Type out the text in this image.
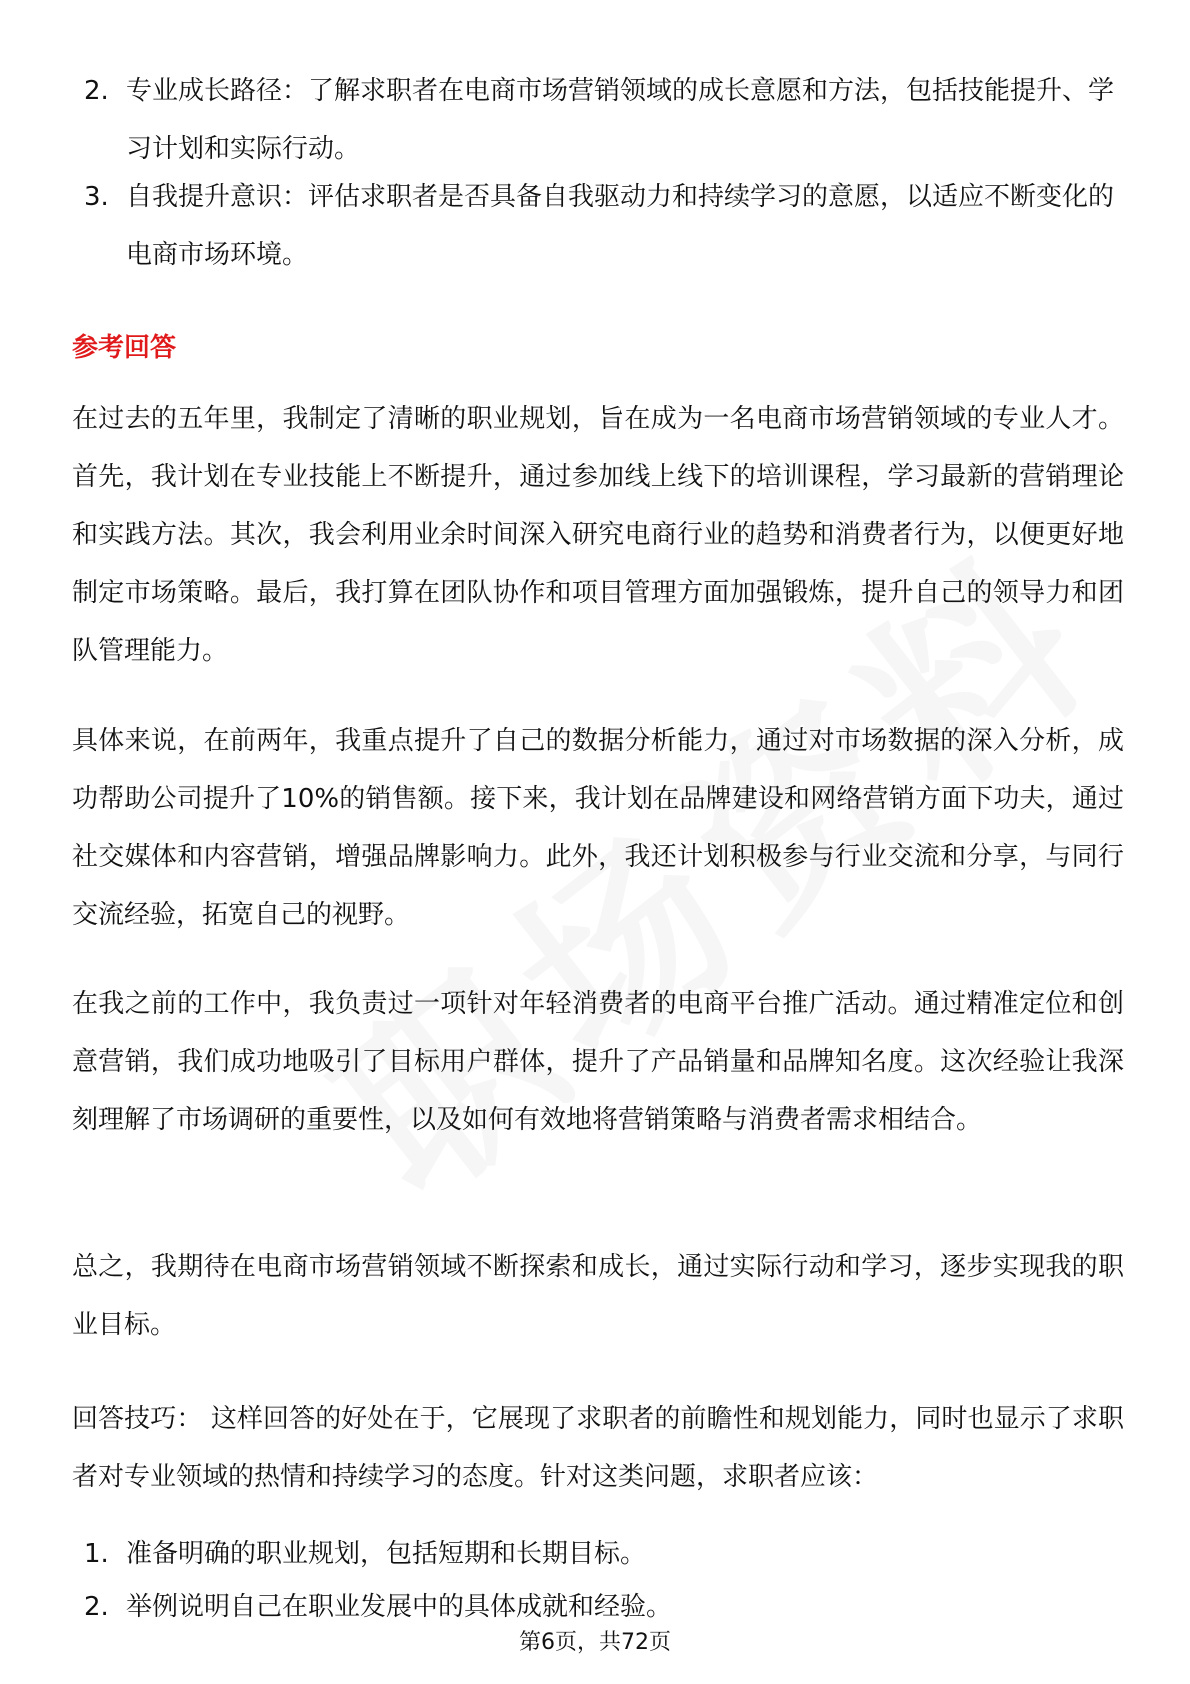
2. 专业成长路径：了解求职者在电商市场营销领域的成长意愿和方法，包括技能提升、学习计划和实际行动。
3. 自我提升意识：评估求职者是否具备自我驱动力和持续学习的意愿，以适应不断变化的电商市场环境。
参考回答

在过去的五年里，我制定了清晰的职业规划，旨在成为一名电商市场营销领域的专业人才。首先，我计划在专业技能上不断提升，通过参加线上线下的培训课程，学习最新的营销理论和实践方法。其次，我会利用业余时间深入研究电商行业的趋势和消费者行为，以便更好地制定市场策略。最后，我打算在团队协作和项目管理方面加强锻炼，提升自己的领导力和团队管理能力。

具体来说，在前两年，我重点提升了自己的数据分析能力，通过对市场数据的深入分析，成功帮助公司提升了10%的销售额。接下来，我计划在品牌建设和网络营销方面下功夫，通过社交媒体和内容营销，增强品牌影响力。此外，我还计划积极参与行业交流和分享，与同行交流经验，拓宽自己的视野。

在我之前的工作中，我负责过一项针对年轻消费者的电商平台推广活动。通过精准定位和创意营销，我们成功地吸引了目标用户群体，提升了产品销量和品牌知名度。这次经验让我深刻理解了市场调研的重要性，以及如何有效地将营销策略与消费者需求相结合。

总之，我期待在电商市场营销领域不断探索和成长，通过实际行动和学习，逐步实现我的职业目标。

回答技巧： 这样回答的好处在于，它展现了求职者的前瞻性和规划能力，同时也显示了求职者对专业领域的热情和持续学习的态度。针对这类问题，求职者应该：

1. 准备明确的职业规划，包括短期和长期目标。
2. 举例说明自己在职业发展中的具体成就和经验。
第6页，共72页
